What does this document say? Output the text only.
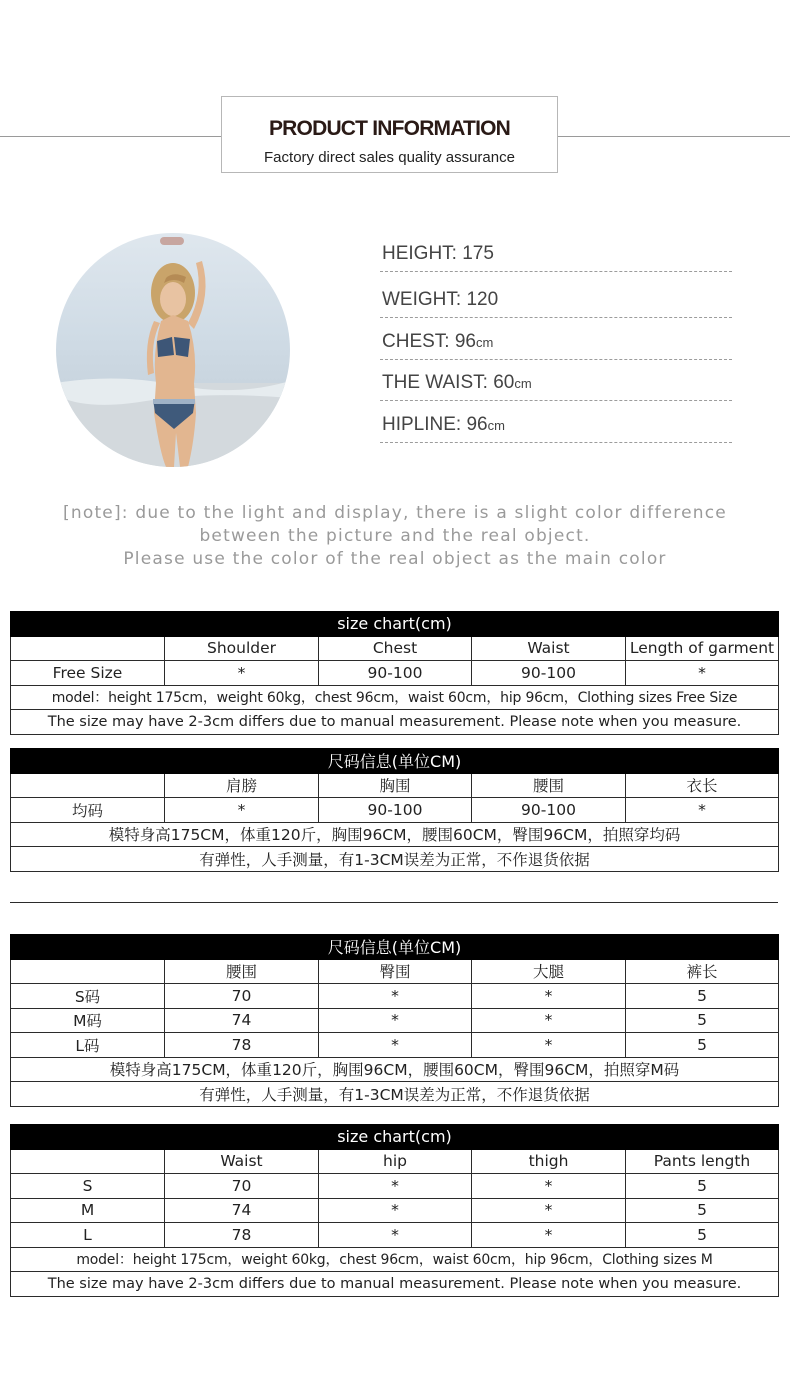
PRODUCT INFORMATION
Factory direct sales quality assurance
HEIGHT: 175
WEIGHT: 120
CHEST: 96cm
THE WAIST: 60cm
HIPLINE: 96cm
[note]: due to the light and display, there is a slight color difference
between the picture and the real object.
Please use the color of the real object as the main color
size chart(cm)				
	Shoulder	Chest	Waist	Length of garment
Free Size	*	90-100	90-100	*
model：height 175cm，weight 60kg，chest 96cm，waist 60cm，hip 96cm，Clothing sizes Free Size				
The size may have 2-3cm differs due to manual measurement. Please note when you measure.				
尺码信息(单位CM)				
	肩膀	胸围	腰围	衣长
均码	*	90-100	90-100	*
模特身高175CM，体重120斤，胸围96CM，腰围60CM，臀围96CM，拍照穿均码				
有弹性，人手测量，有1-3CM误差为正常，不作退货依据				
尺码信息(单位CM)				
	腰围	臀围	大腿	裤长
S码	70	*	*	5
M码	74	*	*	5
L码	78	*	*	5
模特身高175CM，体重120斤，胸围96CM，腰围60CM，臀围96CM，拍照穿M码				
有弹性，人手测量，有1-3CM误差为正常，不作退货依据				
size chart(cm)				
	Waist	hip	thigh	Pants length
S	70	*	*	5
M	74	*	*	5
L	78	*	*	5
model：height 175cm，weight 60kg，chest 96cm，waist 60cm，hip 96cm，Clothing sizes M				
The size may have 2-3cm differs due to manual measurement. Please note when you measure.				
